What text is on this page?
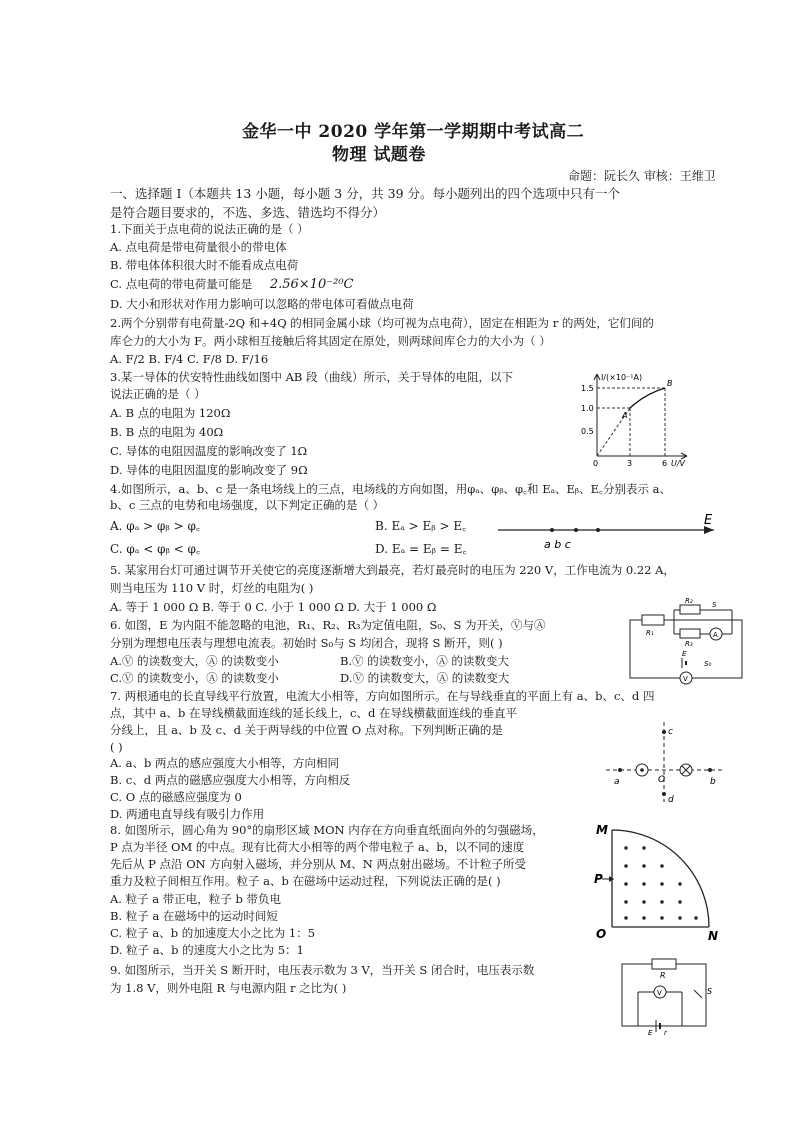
金华一中 2020 学年第一学期期中考试高二
物理 试题卷
命题：阮长久 审核：王维卫
一、选择题 I（本题共 13 小题，每小题 3 分，共 39 分。每小题列出的四个选项中只有一个
是符合题目要求的，不选、多选、错选均不得分）
1.下面关于点电荷的说法正确的是（ ）
A. 点电荷是带电荷量很小的带电体
B. 带电体体积很大时不能看成点电荷
C. 点电荷的带电荷量可能是 2.56×10⁻²⁰C
D. 大小和形状对作用力影响可以忽略的带电体可看做点电荷
2.两个分别带有电荷量-2Q 和+4Q 的相同金属小球（均可视为点电荷），固定在相距为 r 的两处，它们间的
库仑力的大小为 F。两小球相互接触后将其固定在原处，则两球间库仑力的大小为（ ）
A. F/2 B. F/4 C. F/8 D. F/16
3.某一导体的伏安特性曲线如图中 AB 段（曲线）所示，关于导体的电阻，以下
说法正确的是（ ）
A. B 点的电阻为 120Ω
B. B 点的电阻为 40Ω
C. 导体的电阻因温度的影响改变了 1Ω
D. 导体的电阻因温度的影响改变了 9Ω
I/(×10⁻¹A)
1.5
1.0
0.5
0	3	6 U/V
A
B
4.如图所示，a、b、c 是一条电场线上的三点，电场线的方向如图，用φₐ、φᵦ、φ꜀和 Eₐ、Eᵦ、E꜀分别表示 a、
b、c 三点的电势和电场强度，以下判定正确的是（ ）
A. φₐ > φᵦ > φ꜀	B. Eₐ > Eᵦ > E꜀
C. φₐ < φᵦ < φ꜀	D. Eₐ = Eᵦ = E꜀
E
a b c
5. 某家用台灯可通过调节开关使它的亮度逐渐增大到最亮，若灯最亮时的电压为 220 V，工作电流为 0.22 A，
则当电压为 110 V 时，灯丝的电阻为( )
A. 等于 1 000 Ω B. 等于 0 C. 小于 1 000 Ω D. 大于 1 000 Ω
6. 如图，E 为内阻不能忽略的电池，R₁、R₂、R₃为定值电阻，S₀、S 为开关，Ⓥ与Ⓐ
分别为理想电压表与理想电流表。初始时 S₀与 S 均闭合，现将 S 断开，则( )
A.Ⓥ 的读数变大，Ⓐ 的读数变小	B.Ⓥ 的读数变小，Ⓐ 的读数变大
C.Ⓥ 的读数变小，Ⓐ 的读数变小	D.Ⓥ 的读数变大，Ⓐ 的读数变大
R₁
R₂	S
R₃
A
E
S₀
V
7. 两根通电的长直导线平行放置，电流大小相等，方向如图所示。在与导线垂直的平面上有 a、b、c、d 四
点，其中 a、b 在导线横截面连线的延长线上，c、d 在导线横截面连线的垂直平
分线上，且 a、b 及 c、d 关于两导线的中位置 O 点对称。下列判断正确的是
( )
A. a、b 两点的感应强度大小相等，方向相同
B. c、d 两点的磁感应强度大小相等，方向相反
C. O 点的磁感应强度为 0
D. 两通电直导线有吸引力作用
a	b
c
d
O
8. 如图所示，圆心角为 90°的扇形区域 MON 内存在方向垂直纸面向外的匀强磁场，
P 点为半径 OM 的中点。现有比荷大小相等的两个带电粒子 a、b，以不同的速度
先后从 P 点沿 ON 方向射入磁场，并分别从 M、N 两点射出磁场。不计粒子所受
重力及粒子间相互作用。粒子 a、b 在磁场中运动过程，下列说法正确的是( )
A. 粒子 a 带正电，粒子 b 带负电
B. 粒子 a 在磁场中的运动时间短
C. 粒子 a、b 的加速度大小之比为 1：5
D. 粒子 a、b 的速度大小之比为 5：1
M
P
O	N
9. 如图所示，当开关 S 断开时，电压表示数为 3 V，当开关 S 闭合时，电压表示数
为 1.8 V，则外电阻 R 与电源内阻 r 之比为( )
R
V	S
E r
